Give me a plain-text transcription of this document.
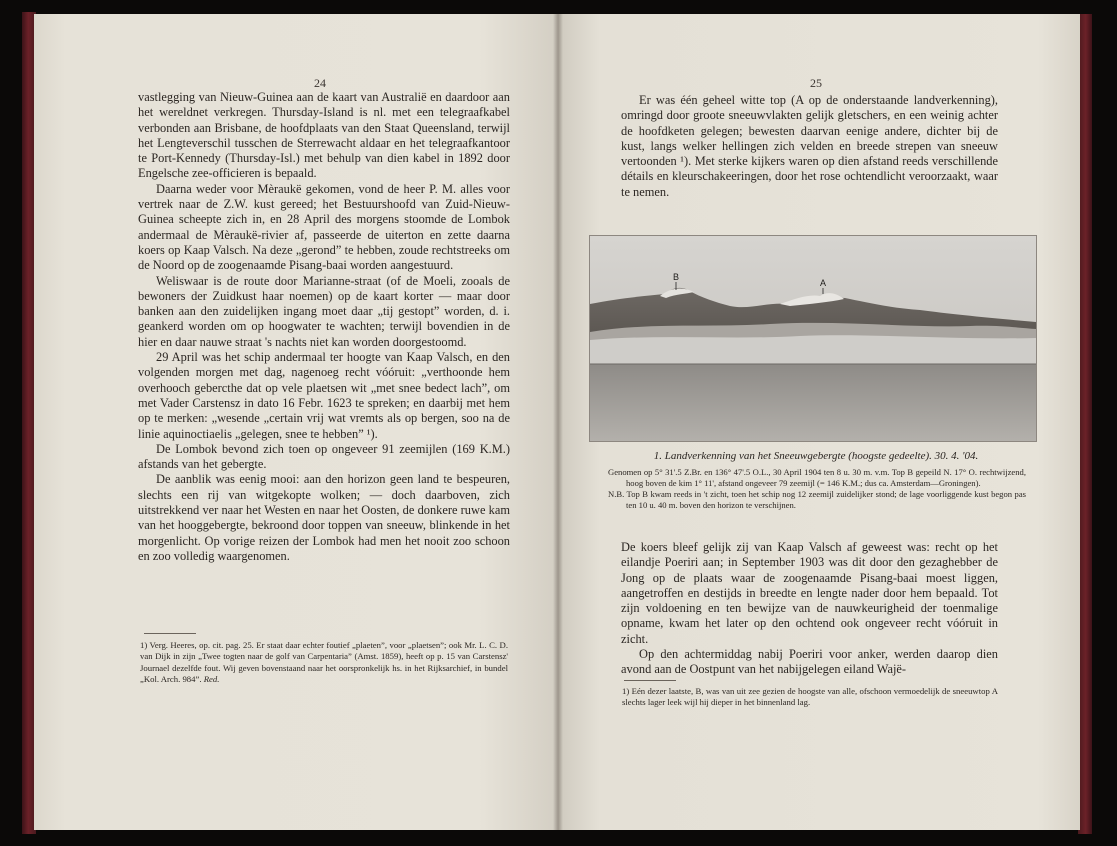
24

vastlegging van Nieuw-Guinea aan de kaart van Australië en daardoor aan het wereldnet verkregen. Thursday-Island is nl. met een telegraafkabel verbonden aan Brisbane, de hoofdplaats van den Staat Queensland, terwijl het Lengteverschil tusschen de Sterrewacht aldaar en het telegraafkantoor te Port-Kennedy (Thursday-Isl.) met behulp van dien kabel in 1892 door Engelsche zee-officieren is bepaald.

Daarna weder voor Mèraukë gekomen, vond de heer P. M. alles voor vertrek naar de Z.W. kust gereed; het Bestuurshoofd van Zuid-Nieuw-Guinea scheepte zich in, en 28 April des morgens stoomde de Lombok andermaal de Mèraukë-rivier af, passeerde de uiterton en zette daarna koers op Kaap Valsch. Na deze „gerond” te hebben, zoude rechtstreeks om de Noord op de zoogenaamde Pisang-baai worden aangestuurd.

Weliswaar is de route door Marianne-straat (of de Moeli, zooals de bewoners der Zuidkust haar noemen) op de kaart korter — maar door banken aan den zuidelijken ingang moet daar „tij gestopt” worden, d. i. geankerd worden om op hoogwater te wachten; terwijl bovendien in de hier en daar nauwe straat 's nachts niet kan worden doorgestoomd.

29 April was het schip andermaal ter hoogte van Kaap Valsch, en den volgenden morgen met dag, nagenoeg recht vóóruit: „verthoonde hem overhooch gebercthe dat op vele plaetsen wit „met snee bedect lach”, om met Vader Carstensz in dato 16 Febr. 1623 te spreken; en daarbij met hem op te merken: „wesende „certain vrij wat vremts als op bergen, soo na de linie aquinoctiaelis „gelegen, snee te hebben” ¹).

De Lombok bevond zich toen op ongeveer 91 zeemijlen (169 K.M.) afstands van het gebergte.

De aanblik was eenig mooi: aan den horizon geen land te bespeuren, slechts een rij van witgekopte wolken; — doch daarboven, zich uitstrekkend ver naar het Westen en naar het Oosten, de donkere ruwe kam van het hooggebergte, bekroond door toppen van sneeuw, blinkende in het morgenlicht. Op vorige reizen der Lombok had men het nooit zoo schoon en zoo volledig waargenomen.

1) Verg. Heeres, op. cit. pag. 25. Er staat daar echter foutief „plaeten”, voor „plaetsen”; ook Mr. L. C. D. van Dijk in zijn „Twee togten naar de golf van Carpentaria” (Amst. 1859), heeft op p. 15 van Carstensz' Journael dezelfde fout. Wij geven bovenstaand naar het oorspronkelijk hs. in het Rijksarchief, in bundel „Kol. Arch. 984”. Red.

25

Er was één geheel witte top (A op de onderstaande landverkenning), omringd door groote sneeuwvlakten gelijk gletschers, en een weinig achter de hoofdketen gelegen; bewesten daarvan eenige andere, dichter bij de kust, langs welker hellingen zich velden en breede strepen van sneeuw vertoonden ¹). Met sterke kijkers waren op dien afstand reeds verschillende détails en kleurschakeeringen, door het rose ochtendlicht veroorzaakt, waar te nemen.

B
A
1. Landverkenning van het Sneeuwgebergte (hoogste gedeelte). 30. 4. '04.

Genomen op 5° 31'.5 Z.Br. en 136° 47'.5 O.L., 30 April 1904 ten 8 u. 30 m. v.m. Top B gepeild N. 17° O. rechtwijzend, hoog boven de kim 1° 11', afstand ongeveer 79 zeemijl (= 146 K.M.; dus ca. Amsterdam—Groningen).

N.B. Top B kwam reeds in 't zicht, toen het schip nog 12 zeemijl zuidelijker stond; de lage voorliggende kust begon pas ten 10 u. 40 m. boven den horizon te verschijnen.

De koers bleef gelijk zij van Kaap Valsch af geweest was: recht op het eilandje Poeriri aan; in September 1903 was dit door den gezaghebber de Jong op de plaats waar de zoogenaamde Pisang-baai moest liggen, aangetroffen en destijds in breedte en lengte nader door hem bepaald. Tot zijn voldoening en ten bewijze van de nauwkeurigheid der toenmalige opname, kwam het later op den ochtend ook ongeveer recht vóóruit in zicht.

Op den achtermiddag nabij Poeriri voor anker, werden daarop dien avond aan de Oostpunt van het nabijgelegen eiland Wajë-

1) Eén dezer laatste, B, was van uit zee gezien de hoogste van alle, ofschoon vermoedelijk de sneeuwtop A slechts lager leek wijl hij dieper in het binnenland lag.
